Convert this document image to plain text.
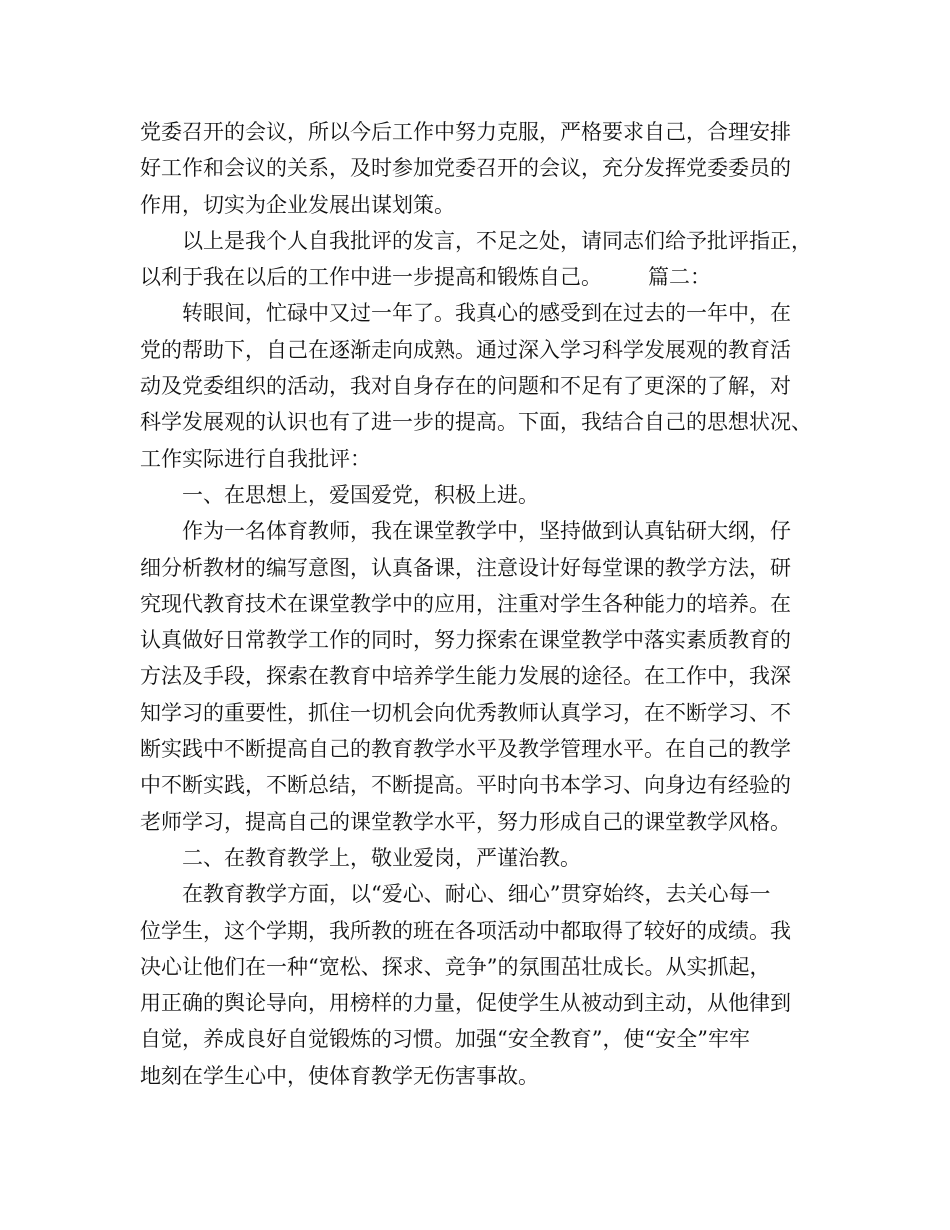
党委召开的会议，所以今后工作中努力克服，严格要求自己，合理安排
好工作和会议的关系，及时参加党委召开的会议，充分发挥党委委员的
作用，切实为企业发展出谋划策。
　　以上是我个人自我批评的发言，不足之处，请同志们给予批评指正，
以利于我在以后的工作中进一步提高和锻炼自己。 篇二：
　　转眼间，忙碌中又过一年了。我真心的感受到在过去的一年中，在
党的帮助下，自己在逐渐走向成熟。通过深入学习科学发展观的教育活
动及党委组织的活动，我对自身存在的问题和不足有了更深的了解，对
科学发展观的认识也有了进一步的提高。下面，我结合自己的思想状况、
工作实际进行自我批评：
　　一、在思想上，爱国爱党，积极上进。
　　作为一名体育教师，我在课堂教学中，坚持做到认真钻研大纲，仔
细分析教材的编写意图，认真备课，注意设计好每堂课的教学方法，研
究现代教育技术在课堂教学中的应用，注重对学生各种能力的培养。在
认真做好日常教学工作的同时，努力探索在课堂教学中落实素质教育的
方法及手段，探索在教育中培养学生能力发展的途径。在工作中，我深
知学习的重要性，抓住一切机会向优秀教师认真学习，在不断学习、不
断实践中不断提高自己的教育教学水平及教学管理水平。在自己的教学
中不断实践，不断总结，不断提高。平时向书本学习、向身边有经验的
老师学习，提高自己的课堂教学水平，努力形成自己的课堂教学风格。
　　二、在教育教学上，敬业爱岗，严谨治教。
　　在教育教学方面，以“爱心、耐心、细心”贯穿始终，去关心每一
位学生，这个学期，我所教的班在各项活动中都取得了较好的成绩。我
决心让他们在一种“宽松、探求、竞争”的氛围茁壮成长。从实抓起，
用正确的舆论导向，用榜样的力量，促使学生从被动到主动，从他律到
自觉，养成良好自觉锻炼的习惯。加强“安全教育”，使“安全”牢牢
地刻在学生心中，使体育教学无伤害事故。
